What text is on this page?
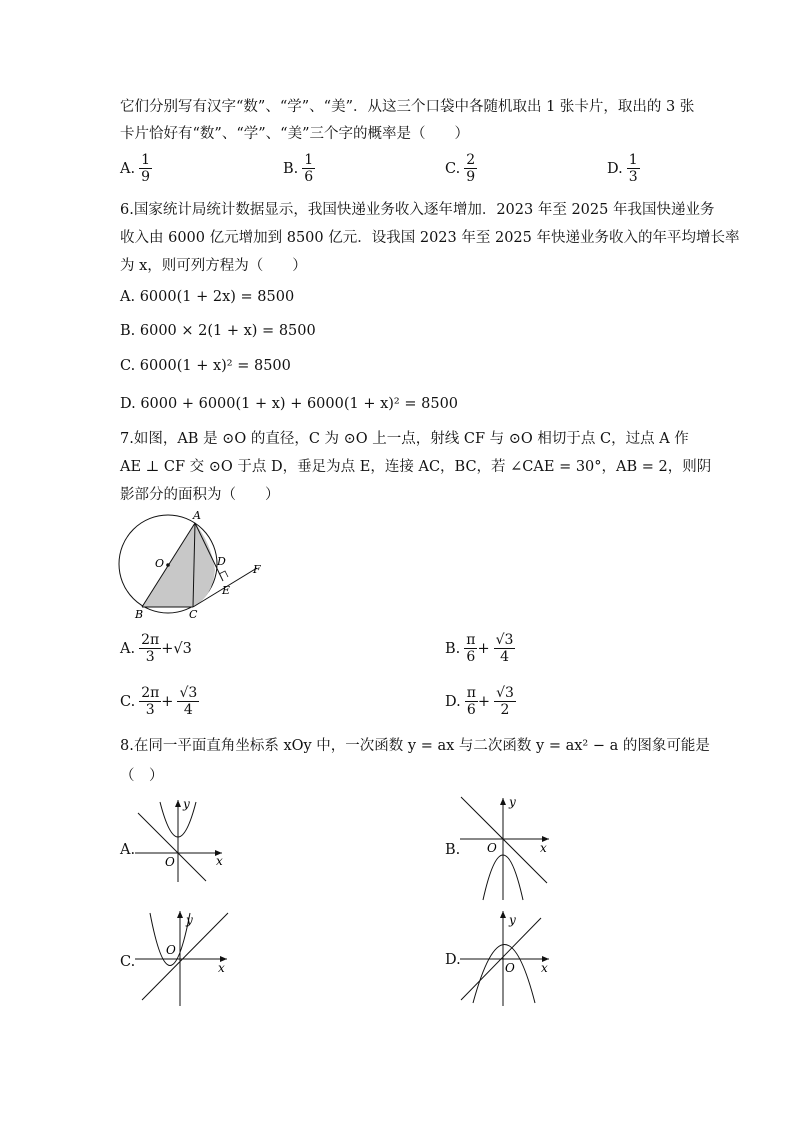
它们分别写有汉字“数”、“学”、“美”．从这三个口袋中各随机取出 1 张卡片，取出的 3 张
卡片恰好有“数”、“学”、“美”三个字的概率是（　　）
A. $\frac{1}{9}$	B. $\frac{1}{6}$	C. $\frac{2}{9}$	D. $\frac{1}{3}$
6.国家统计局统计数据显示，我国快递业务收入逐年增加．2023 年至 2025 年我国快递业务
收入由 6000 亿元增加到 8500 亿元．设我国 2023 年至 2025 年快递业务收入的年平均增长率
为 x，则可列方程为（　　）
A. 6000(1 + 2x) = 8500
B. 6000 × 2(1 + x) = 8500
C. 6000(1 + x)² = 8500
D. 6000 + 6000(1 + x) + 6000(1 + x)² = 8500
7.如图，AB 是 ⊙O 的直径，C 为 ⊙O 上一点，射线 CF 与 ⊙O 相切于点 C，过点 A 作
AE ⊥ CF 交 ⊙O 于点 D，垂足为点 E，连接 AC，BC，若 ∠CAE = 30°，AB = 2，则阴
影部分的面积为（　　）
A
O	D
F
E
B	C
A. $\frac{2\pi}{3} +√3$	B. $\frac{\pi}{6} + \frac{√3}{4}$
C. $\frac{2\pi}{3} + \frac{√3}{4}$	D. $\frac{\pi}{6} + \frac{√3}{2}$
8.在同一平面直角坐标系 xOy 中，一次函数 y = ax 与二次函数 y = ax² − a 的图象可能是
（　）
A.
x
y
O
B.	x
y
O
C.	x
y
O
D.	x
y
O
